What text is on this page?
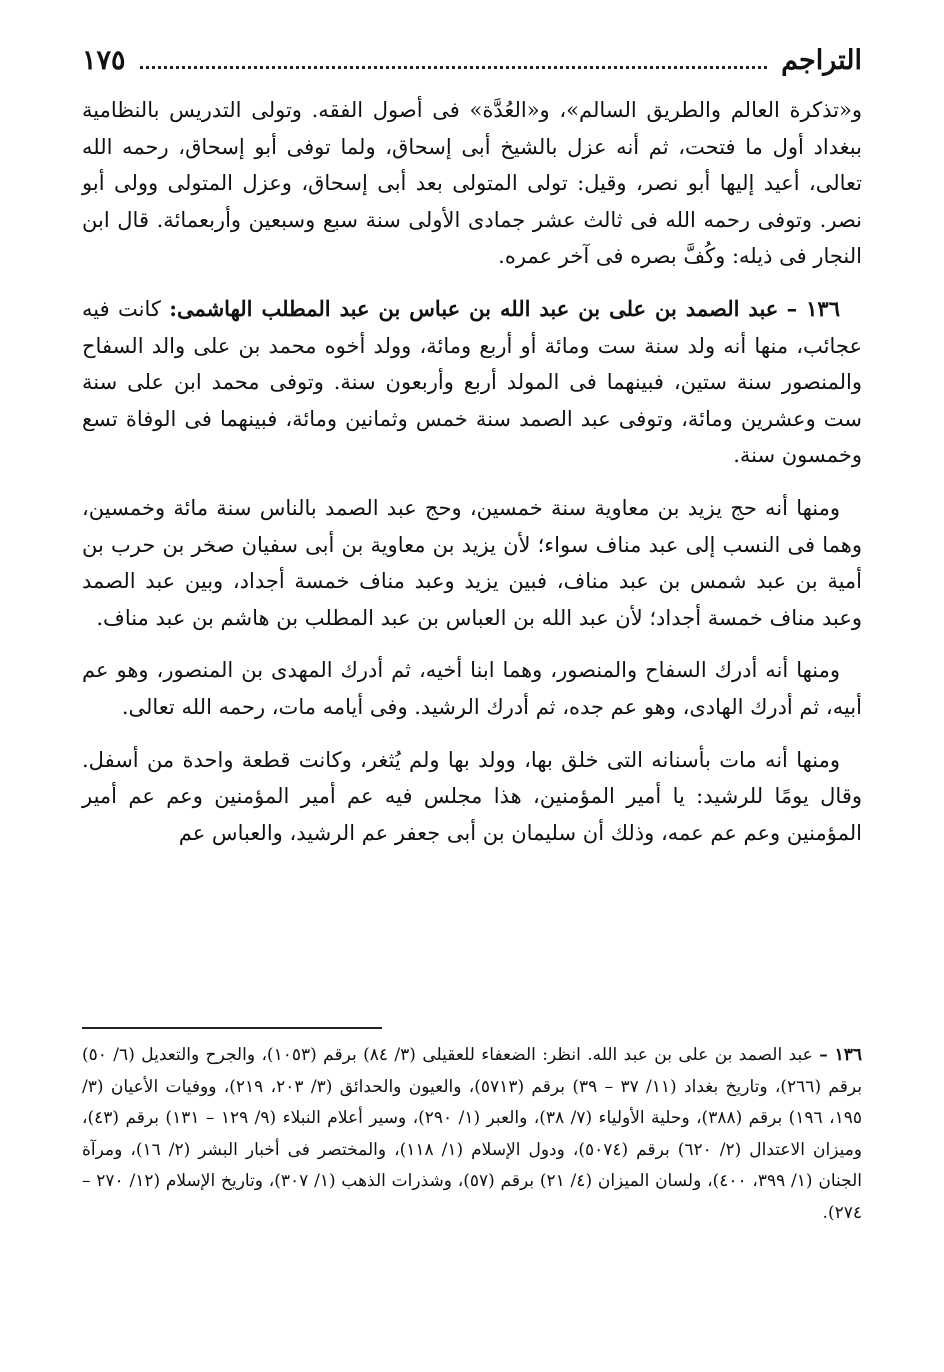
التراجم
١٧٥

و«تذكرة العالم والطريق السالم»، و«العُدَّة» فى أصول الفقه. وتولى التدريس بالنظامية ببغداد أول ما فتحت، ثم أنه عزل بالشيخ أبى إسحاق، ولما توفى أبو إسحاق، رحمه الله تعالى، أعيد إليها أبو نصر، وقيل: تولى المتولى بعد أبى إسحاق، وعزل المتولى وولى أبو نصر. وتوفى رحمه الله فى ثالث عشر جمادى الأولى سنة سبع وسبعين وأربعمائة. قال ابن النجار فى ذيله: وكُفَّ بصره فى آخر عمره.

١٣٦ – عبد الصمد بن على بن عبد الله بن عباس بن عبد المطلب الهاشمى: كانت فيه عجائب، منها أنه ولد سنة ست ومائة أو أربع ومائة، وولد أخوه محمد بن على والد السفاح والمنصور سنة ستين، فبينهما فى المولد أربع وأربعون سنة. وتوفى محمد ابن على سنة ست وعشرين ومائة، وتوفى عبد الصمد سنة خمس وثمانين ومائة، فبينهما فى الوفاة تسع وخمسون سنة.

ومنها أنه حج يزيد بن معاوية سنة خمسين، وحج عبد الصمد بالناس سنة مائة وخمسين، وهما فى النسب إلى عبد مناف سواء؛ لأن يزيد بن معاوية بن أبى سفيان صخر بن حرب بن أمية بن عبد شمس بن عبد مناف، فبين يزيد وعبد مناف خمسة أجداد، وبين عبد الصمد وعبد مناف خمسة أجداد؛ لأن عبد الله بن العباس بن عبد المطلب بن هاشم بن عبد مناف.

ومنها أنه أدرك السفاح والمنصور، وهما ابنا أخيه، ثم أدرك المهدى بن المنصور، وهو عم أبيه، ثم أدرك الهادى، وهو عم جده، ثم أدرك الرشيد. وفى أيامه مات، رحمه الله تعالى.

ومنها أنه مات بأسنانه التى خلق بها، وولد بها ولم يُثغر، وكانت قطعة واحدة من أسفل. وقال يومًا للرشيد: يا أمير المؤمنين، هذا مجلس فيه عم أمير المؤمنين وعم عم أمير المؤمنين وعم عم عمه، وذلك أن سليمان بن أبى جعفر عم الرشيد، والعباس عم

١٣٦ – عبد الصمد بن على بن عبد الله. انظر: الضعفاء للعقيلى (٣/ ٨٤) برقم (١٠٥٣)، والجرح والتعديل (٦/ ٥٠) برقم (٢٦٦)، وتاريخ بغداد (١١/ ٣٧ – ٣٩) برقم (٥٧١٣)، والعيون والحدائق (٣/ ٢٠٣، ٢١٩)، ووفيات الأعيان (٣/ ١٩٥، ١٩٦) برقم (٣٨٨)، وحلية الأولياء (٧/ ٣٨)، والعبر (١/ ٢٩٠)، وسير أعلام النبلاء (٩/ ١٢٩ – ١٣١) برقم (٤٣)، وميزان الاعتدال (٢/ ٦٢٠) برقم (٥٠٧٤)، ودول الإسلام (١/ ١١٨)، والمختصر فى أخبار البشر (٢/ ١٦)، ومرآة الجنان (١/ ٣٩٩، ٤٠٠)، ولسان الميزان (٤/ ٢١) برقم (٥٧)، وشذرات الذهب (١/ ٣٠٧)، وتاريخ الإسلام (١٢/ ٢٧٠ – ٢٧٤).
